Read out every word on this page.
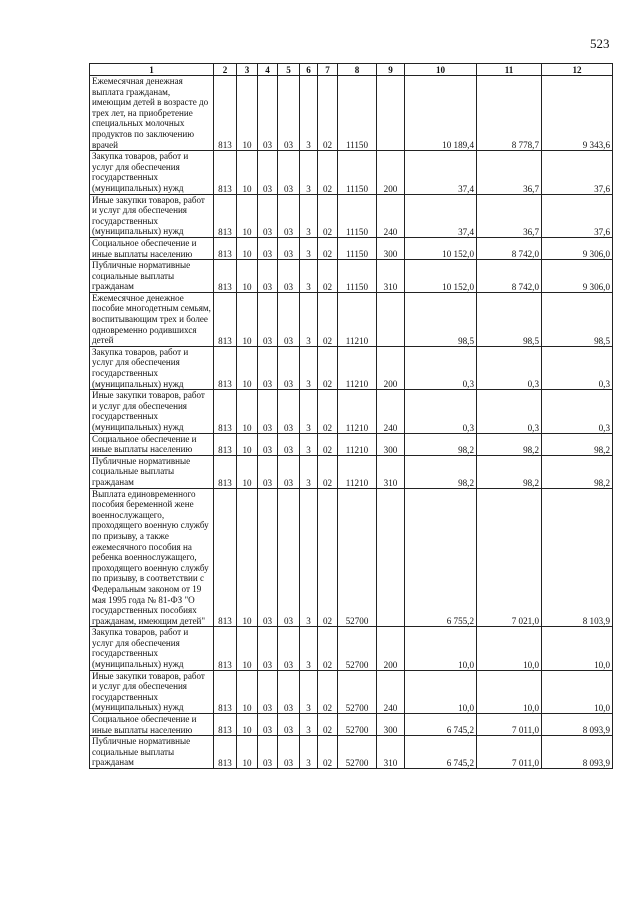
523
1	2	3	4	5	6	7	8	9	10	11	12
Ежемесячная денежная выплата гражданам, имеющим детей в возрасте до трех лет, на приобретение специальных молочных продуктов по заключению врачей	813	10	03	03	3	02	11150		10 189,4	8 778,7	9 343,6
Закупка товаров, работ и услуг для обеспечения государственных (муниципальных) нужд	813	10	03	03	3	02	11150	200	37,4	36,7	37,6
Иные закупки товаров, работ и услуг для обеспечения государственных (муниципальных) нужд	813	10	03	03	3	02	11150	240	37,4	36,7	37,6
Социальное обеспечение и иные выплаты населению	813	10	03	03	3	02	11150	300	10 152,0	8 742,0	9 306,0
Публичные нормативные социальные выплаты гражданам	813	10	03	03	3	02	11150	310	10 152,0	8 742,0	9 306,0
Ежемесячное денежное пособие многодетным семьям, воспитывающим трех и более одновременно родившихся детей	813	10	03	03	3	02	11210		98,5	98,5	98,5
Закупка товаров, работ и услуг для обеспечения государственных (муниципальных) нужд	813	10	03	03	3	02	11210	200	0,3	0,3	0,3
Иные закупки товаров, работ и услуг для обеспечения государственных (муниципальных) нужд	813	10	03	03	3	02	11210	240	0,3	0,3	0,3
Социальное обеспечение и иные выплаты населению	813	10	03	03	3	02	11210	300	98,2	98,2	98,2
Публичные нормативные социальные выплаты гражданам	813	10	03	03	3	02	11210	310	98,2	98,2	98,2
Выплата единовременного пособия беременной жене военнослужащего, проходящего военную службу по призыву, а также ежемесячного пособия на ребенка военнослужащего, проходящего военную службу по призыву, в соответствии с Федеральным законом от 19 мая 1995 года № 81-ФЗ "О государственных пособиях гражданам, имеющим детей"	813	10	03	03	3	02	52700		6 755,2	7 021,0	8 103,9
Закупка товаров, работ и услуг для обеспечения государственных (муниципальных) нужд	813	10	03	03	3	02	52700	200	10,0	10,0	10,0
Иные закупки товаров, работ и услуг для обеспечения государственных (муниципальных) нужд	813	10	03	03	3	02	52700	240	10,0	10,0	10,0
Социальное обеспечение и иные выплаты населению	813	10	03	03	3	02	52700	300	6 745,2	7 011,0	8 093,9
Публичные нормативные социальные выплаты гражданам	813	10	03	03	3	02	52700	310	6 745,2	7 011,0	8 093,9
